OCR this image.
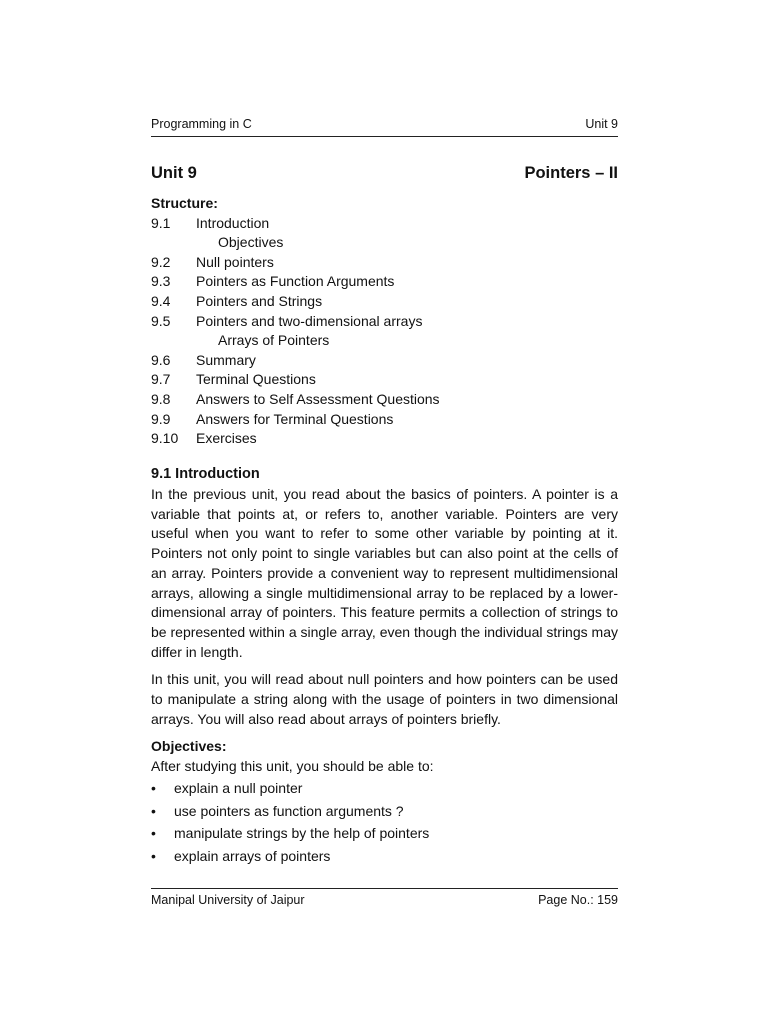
Programming in C	Unit 9
Unit 9	Pointers – II
Structure:
9.1	Introduction
Objectives
9.2	Null pointers
9.3	Pointers as Function Arguments
9.4	Pointers and Strings
9.5	Pointers and two-dimensional arrays
Arrays of Pointers
9.6	Summary
9.7	Terminal Questions
9.8	Answers to Self Assessment Questions
9.9	Answers for Terminal Questions
9.10	Exercises
9.1 Introduction

In the previous unit, you read about the basics of pointers. A pointer is a variable that points at, or refers to, another variable. Pointers are very useful when you want to refer to some other variable by pointing at it. Pointers not only point to single variables but can also point at the cells of an array. Pointers provide a convenient way to represent multidimensional arrays, allowing a single multidimensional array to be replaced by a lower-dimensional array of pointers. This feature permits a collection of strings to be represented within a single array, even though the individual strings may differ in length.

In this unit, you will read about null pointers and how pointers can be used to manipulate a string along with the usage of pointers in two dimensional arrays. You will also read about arrays of pointers briefly.

Objectives:

After studying this unit, you should be able to:

•	explain a null pointer
•	use pointers as function arguments ?
•	manipulate strings by the help of pointers
•	explain arrays of pointers
Manipal University of Jaipur	Page No.: 159
